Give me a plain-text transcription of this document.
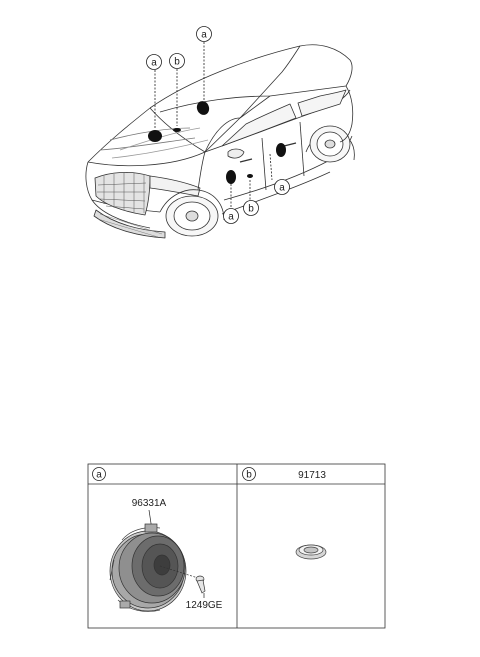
a b
a
a
b
a
a	b	91713
96331A
1249GE
